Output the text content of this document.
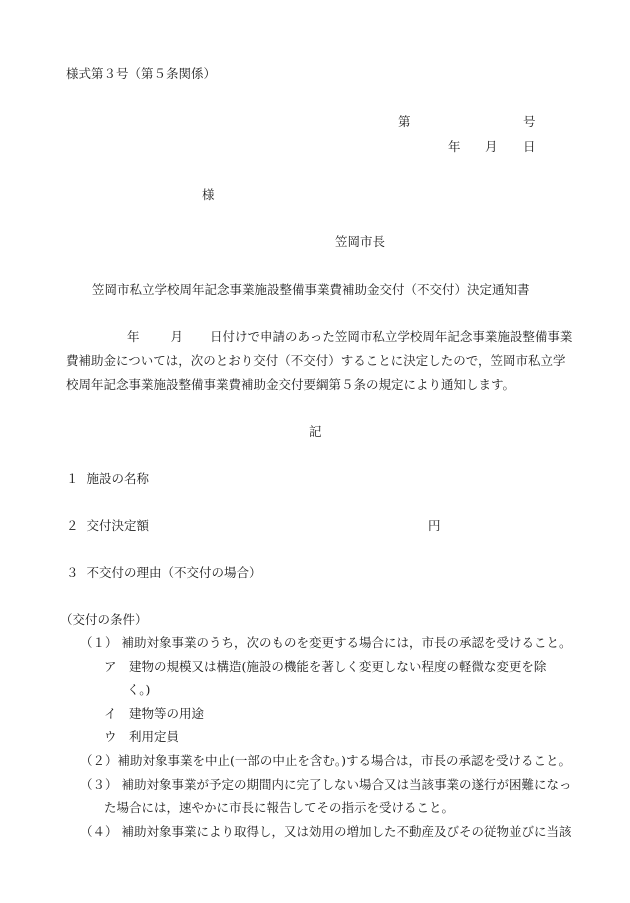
様式第３号（第５条関係）
第	号
年 月 日
様
笠岡市長
笠岡市私立学校周年記念事業施設整備事業費補助金交付（不交付）決定通知書
年 月 日付けで申請のあった笠岡市私立学校周年記念事業施設整備事業
費補助金については，次のとおり交付（不交付）することに決定したので，笠岡市私立学
校周年記念事業施設整備事業費補助金交付要綱第５条の規定により通知します。
記
１ 施設の名称
２ 交付決定額	円
３ 不交付の理由（不交付の場合）
（交付の条件）
（１） 補助対象事業のうち，次のものを変更する場合には，市長の承認を受けること。
ア　建物の規模又は構造(施設の機能を著しく変更しない程度の軽微な変更を除
く。)
イ　建物等の用途
ウ　利用定員
（２）補助対象事業を中止(一部の中止を含む。)する場合は，市長の承認を受けること。
（３） 補助対象事業が予定の期間内に完了しない場合又は当該事業の遂行が困難になっ
た場合には，速やかに市長に報告してその指示を受けること。
（４） 補助対象事業により取得し，又は効用の増加した不動産及びその従物並びに当該
